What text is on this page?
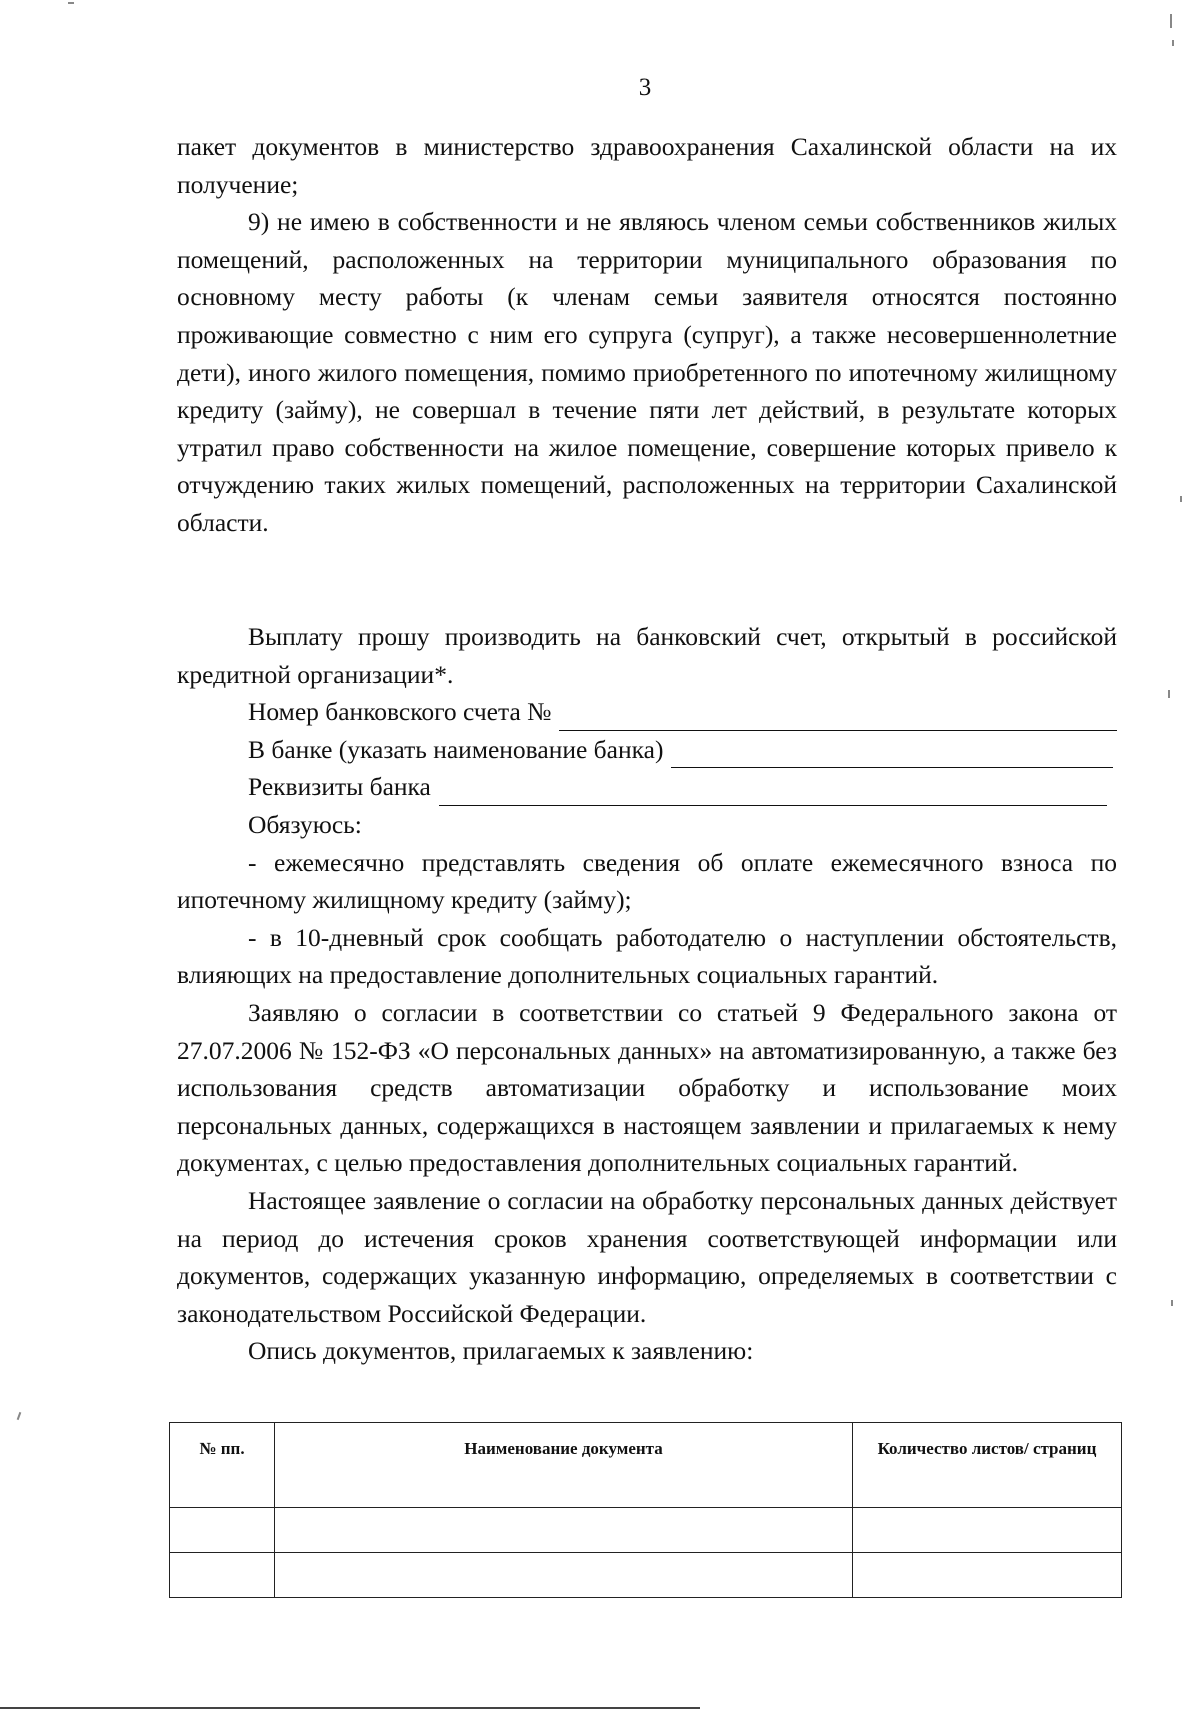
3

пакет документов в министерство здравоохранения Сахалинской области на их получение;

9) не имею в собственности и не являюсь членом семьи собственников жилых помещений, расположенных на территории муниципального образования по основному месту работы (к членам семьи заявителя относятся постоянно проживающие совместно с ним его супруга (супруг), а также несовершеннолетние дети), иного жилого помещения, помимо приобретенного по ипотечному жилищному кредиту (займу), не совершал в течение пяти лет действий, в результате которых утратил право собственности на жилое помещение, совершение которых привело к отчуждению таких жилых помещений, расположенных на территории Сахалинской области.

Выплату прошу производить на банковский счет, открытый в российской кредитной организации*.

Номер банковского счета №
В банке (указать наименование банка)
Реквизиты банка

Обязуюсь:

- ежемесячно представлять сведения об оплате ежемесячного взноса по ипотечному жилищному кредиту (займу);

- в 10-дневный срок сообщать работодателю о наступлении обстоятельств, влияющих на предоставление дополнительных социальных гарантий.

Заявляю о согласии в соответствии со статьей 9 Федерального закона от 27.07.2006 № 152-ФЗ «О персональных данных» на автоматизированную, а также без использования средств автоматизации обработку и использование моих персональных данных, содержащихся в настоящем заявлении и прилагаемых к нему документах, с целью предоставления дополнительных социальных гарантий.

Настоящее заявление о согласии на обработку персональных данных действует на период до истечения сроков хранения соответствующей информации или документов, содержащих указанную информацию, определяемых в соответствии с законодательством Российской Федерации.

Опись документов, прилагаемых к заявлению:

№ пп.	Наименование документа	Количество листов/ страниц
